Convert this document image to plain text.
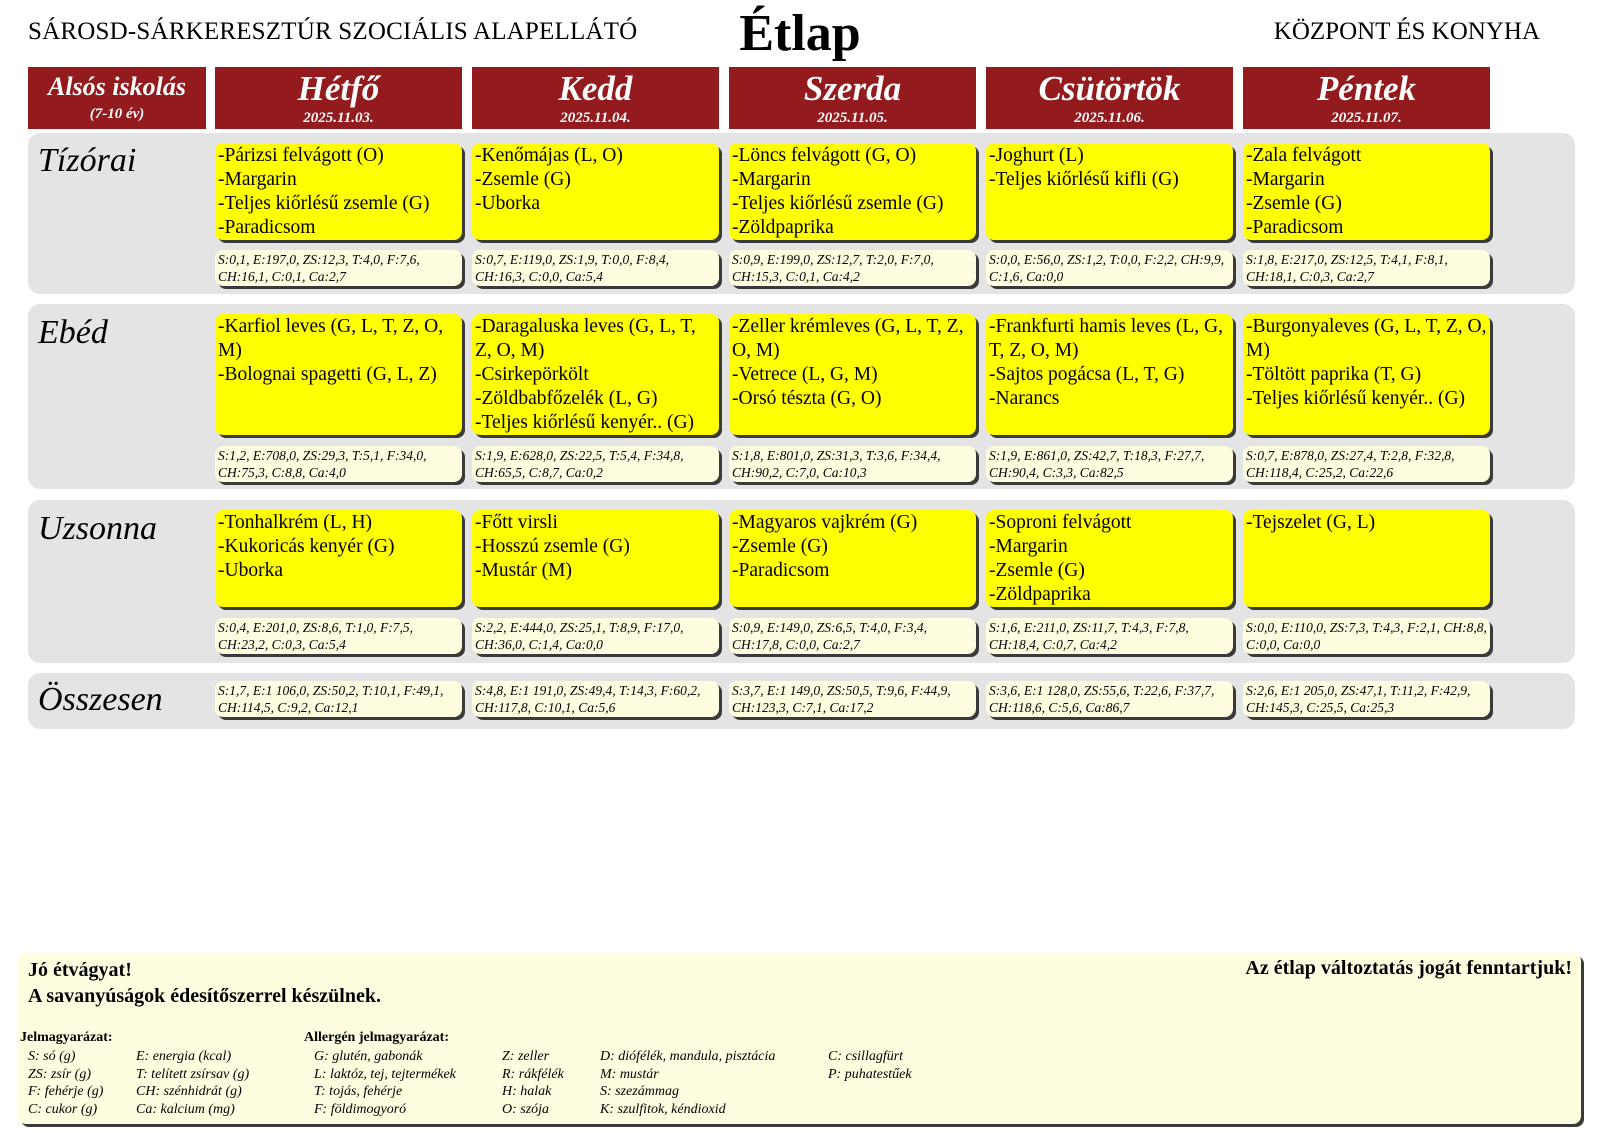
SÁROSD-SÁRKERESZTÚR SZOCIÁLIS ALAPELLÁTÓ	Étlap	KÖZPONT ÉS KONYHA
Alsós iskolás
(7-10 év)
Hétfő
2025.11.03.
Kedd
2025.11.04.
Szerda
2025.11.05.
Csütörtök
2025.11.06.
Péntek
2025.11.07.
Tízórai
Ebéd
Uzsonna
Összesen
-Párizsi felvágott (O)
-Margarin
-Teljes kiőrlésű zsemle (G)
-Paradicsom
-Kenőmájas (L, O)
-Zsemle (G)
-Uborka
-Löncs felvágott (G, O)
-Margarin
-Teljes kiőrlésű zsemle (G)
-Zöldpaprika
-Joghurt (L)
-Teljes kiőrlésű kifli (G)
-Zala felvágott
-Margarin
-Zsemle (G)
-Paradicsom
S:0,1, E:197,0, ZS:12,3, T:4,0, F:7,6, CH:16,1, C:0,1, Ca:2,7
S:0,7, E:119,0, ZS:1,9, T:0,0, F:8,4, CH:16,3, C:0,0, Ca:5,4
S:0,9, E:199,0, ZS:12,7, T:2,0, F:7,0, CH:15,3, C:0,1, Ca:4,2
S:0,0, E:56,0, ZS:1,2, T:0,0, F:2,2, CH:9,9, C:1,6, Ca:0,0
S:1,8, E:217,0, ZS:12,5, T:4,1, F:8,1, CH:18,1, C:0,3, Ca:2,7
-Karfiol leves (G, L, T, Z, O, M)
-Bolognai spagetti (G, L, Z)
-Daragaluska leves (G, L, T, Z, O, M)
-Csirkepörkölt
-Zöldbabfőzelék (L, G)
-Teljes kiőrlésű kenyér.. (G)
-Zeller krémleves (G, L, T, Z, O, M)
-Vetrece (L, G, M)
-Orsó tészta (G, O)
-Frankfurti hamis leves (L, G, T, Z, O, M)
-Sajtos pogácsa (L, T, G)
-Narancs
-Burgonyaleves (G, L, T, Z, O, M)
-Töltött paprika (T, G)
-Teljes kiőrlésű kenyér.. (G)
S:1,2, E:708,0, ZS:29,3, T:5,1, F:34,0, CH:75,3, C:8,8, Ca:4,0
S:1,9, E:628,0, ZS:22,5, T:5,4, F:34,8, CH:65,5, C:8,7, Ca:0,2
S:1,8, E:801,0, ZS:31,3, T:3,6, F:34,4, CH:90,2, C:7,0, Ca:10,3
S:1,9, E:861,0, ZS:42,7, T:18,3, F:27,7, CH:90,4, C:3,3, Ca:82,5
S:0,7, E:878,0, ZS:27,4, T:2,8, F:32,8, CH:118,4, C:25,2, Ca:22,6
-Tonhalkrém (L, H)
-Kukoricás kenyér (G)
-Uborka
-Főtt virsli
-Hosszú zsemle (G)
-Mustár (M)
-Magyaros vajkrém (G)
-Zsemle (G)
-Paradicsom
-Soproni felvágott
-Margarin
-Zsemle (G)
-Zöldpaprika
-Tejszelet (G, L)
S:0,4, E:201,0, ZS:8,6, T:1,0, F:7,5, CH:23,2, C:0,3, Ca:5,4
S:2,2, E:444,0, ZS:25,1, T:8,9, F:17,0, CH:36,0, C:1,4, Ca:0,0
S:0,9, E:149,0, ZS:6,5, T:4,0, F:3,4, CH:17,8, C:0,0, Ca:2,7
S:1,6, E:211,0, ZS:11,7, T:4,3, F:7,8, CH:18,4, C:0,7, Ca:4,2
S:0,0, E:110,0, ZS:7,3, T:4,3, F:2,1, CH:8,8, C:0,0, Ca:0,0
S:1,7, E:1 106,0, ZS:50,2, T:10,1, F:49,1, CH:114,5, C:9,2, Ca:12,1
S:4,8, E:1 191,0, ZS:49,4, T:14,3, F:60,2, CH:117,8, C:10,1, Ca:5,6
S:3,7, E:1 149,0, ZS:50,5, T:9,6, F:44,9, CH:123,3, C:7,1, Ca:17,2
S:3,6, E:1 128,0, ZS:55,6, T:22,6, F:37,7, CH:118,6, C:5,6, Ca:86,7
S:2,6, E:1 205,0, ZS:47,1, T:11,2, F:42,9, CH:145,3, C:25,5, Ca:25,3
Jó étvágyat!
A savanyúságok édesítőszerrel készülnek.
Az étlap változtatás jogát fenntartjuk!
Jelmagyarázat:
S: só (g)
ZS: zsír (g)
F: fehérje (g)
C: cukor (g)
E: energia (kcal)
T: telített zsírsav (g)
CH: szénhidrát (g)
Ca: kalcium (mg)
Allergén jelmagyarázat:
G: glutén, gabonák
L: laktóz, tej, tejtermékek
T: tojás, fehérje
F: földimogyoró
Z: zeller
R: rákfélék
H: halak
O: szója
D: diófélék, mandula, pisztácia
M: mustár
S: szezámmag
K: szulfitok, kéndioxid
C: csillagfürt
P: puhatestűek
